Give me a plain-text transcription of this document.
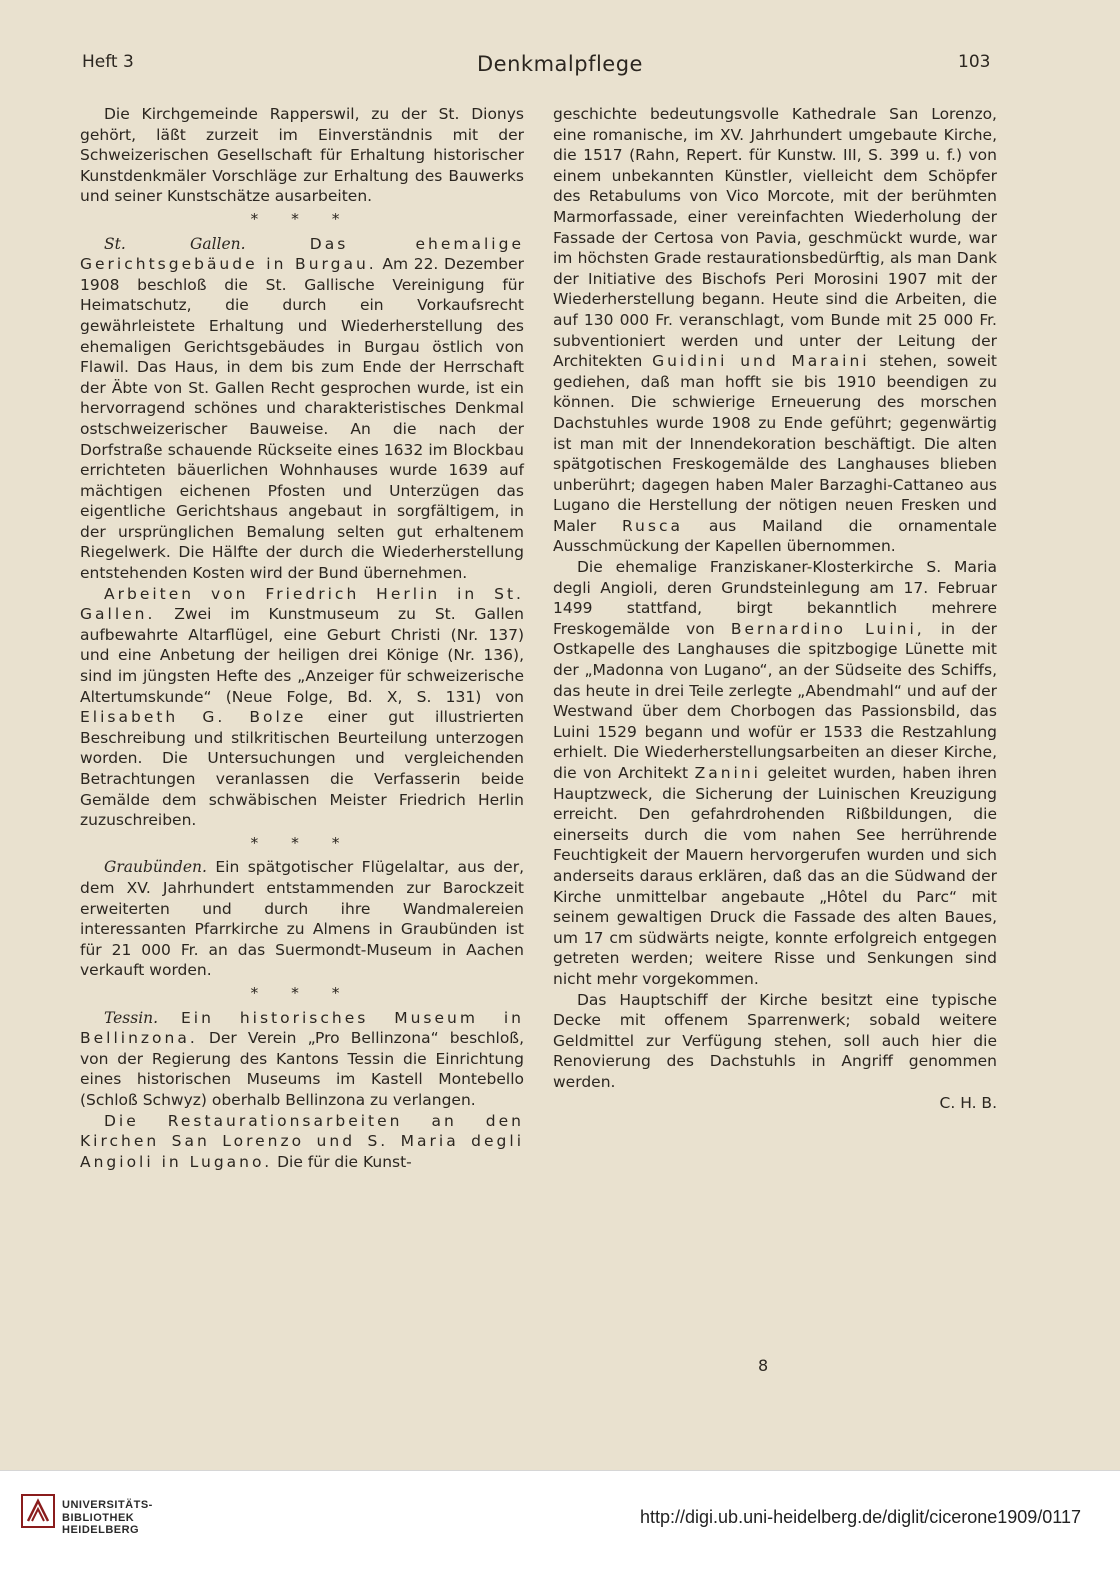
Heft 3	Denkmalpflege	103

Die Kirchgemeinde Rapperswil, zu der St. Dionys gehört, läßt zurzeit im Einverständnis mit der Schweizerischen Gesellschaft für Erhaltung historischer Kunstdenkmäler Vorschläge zur Erhaltung des Bauwerks und seiner Kunstschätze ausarbeiten.

* * *

St. Gallen.	Das ehemalige Gerichtsgebäude in Burgau. Am 22. Dezember 1908 beschloß die St. Gallische Vereinigung für Heimatschutz, die durch ein Vorkaufsrecht gewährleistete Erhaltung und Wiederherstellung des ehemaligen Gerichtsgebäudes in Burgau östlich von Flawil. Das Haus, in dem bis zum Ende der Herrschaft der Äbte von St. Gallen Recht gesprochen wurde, ist ein hervorragend schönes und charakteristisches Denkmal ostschweizerischer Bauweise. An die nach der Dorfstraße schauende Rückseite eines 1632 im Blockbau errichteten bäuerlichen Wohnhauses wurde 1639 auf mächtigen eichenen Pfosten und Unterzügen das eigentliche Gerichtshaus angebaut in sorgfältigem, in der ursprünglichen Bemalung selten gut erhaltenem Riegelwerk. Die Hälfte der durch die Wiederherstellung entstehenden Kosten wird der Bund übernehmen.

Arbeiten von Friedrich Herlin in St. Gallen. Zwei im Kunstmuseum zu St. Gallen aufbewahrte Altarflügel, eine Geburt Christi (Nr. 137) und eine Anbetung der heiligen drei Könige (Nr. 136), sind im jüngsten Hefte des „Anzeiger für schweizerische Altertumskunde“ (Neue Folge, Bd. X, S. 131) von Elisabeth G. Bolze einer gut illustrierten Beschreibung und stilkritischen Beurteilung unterzogen worden. Die Untersuchungen und vergleichenden Betrachtungen veranlassen die Verfasserin beide Gemälde dem schwäbischen Meister Friedrich Herlin zuzuschreiben.

* * *

Graubünden. Ein spätgotischer Flügelaltar, aus der, dem XV. Jahrhundert entstammenden zur Barockzeit erweiterten und durch ihre Wandmalereien interessanten Pfarrkirche zu Almens in Graubünden ist für 21 000 Fr. an das Suermondt-Museum in Aachen verkauft worden.

* * *

Tessin. Ein historisches Museum in Bellinzona. Der Verein „Pro Bellinzona“ beschloß, von der Regierung des Kantons Tessin die Einrichtung eines historischen Museums im Kastell Montebello (Schloß Schwyz) oberhalb Bellinzona zu verlangen.

Die Restaurationsarbeiten an den Kirchen San Lorenzo und S. Maria degli Angioli in Lugano. Die für die Kunst-

geschichte bedeutungsvolle Kathedrale San Lorenzo, eine romanische, im XV. Jahrhundert umgebaute Kirche, die 1517 (Rahn, Repert. für Kunstw. III, S. 399 u. f.) von einem unbekannten Künstler, vielleicht dem Schöpfer des Retabulums von Vico Morcote, mit der berühmten Marmorfassade, einer vereinfachten Wiederholung der Fassade der Certosa von Pavia, geschmückt wurde, war im höchsten Grade restaurationsbedürftig, als man Dank der Initiative des Bischofs Peri Morosini 1907 mit der Wiederherstellung begann. Heute sind die Arbeiten, die auf 130 000 Fr. veranschlagt, vom Bunde mit 25 000 Fr. subventioniert werden und unter der Leitung der Architekten Guidini und Maraini stehen, soweit gediehen, daß man hofft sie bis 1910 beendigen zu können. Die schwierige Erneuerung des morschen Dachstuhles wurde 1908 zu Ende geführt; gegenwärtig ist man mit der Innendekoration beschäftigt. Die alten spätgotischen Freskogemälde des Langhauses blieben unberührt; dagegen haben Maler Barzaghi-Cattaneo aus Lugano die Herstellung der nötigen neuen Fresken und Maler Rusca aus Mailand die ornamentale Ausschmückung der Kapellen übernommen.

Die ehemalige Franziskaner-Klosterkirche S. Maria degli Angioli, deren Grundsteinlegung am 17. Februar 1499 stattfand, birgt bekanntlich mehrere Freskogemälde von Bernardino Luini, in der Ostkapelle des Langhauses die spitzbogige Lünette mit der „Madonna von Lugano“, an der Südseite des Schiffs, das heute in drei Teile zerlegte „Abendmahl“ und auf der Westwand über dem Chorbogen das Passionsbild, das Luini 1529 begann und wofür er 1533 die Restzahlung erhielt. Die Wiederherstellungsarbeiten an dieser Kirche, die von Architekt Zanini geleitet wurden, haben ihren Hauptzweck, die Sicherung der Luinischen Kreuzigung erreicht. Den gefahrdrohenden Rißbildungen, die einerseits durch die vom nahen See herrührende Feuchtigkeit der Mauern hervorgerufen wurden und sich anderseits daraus erklären, daß das an die Südwand der Kirche unmittelbar angebaute „Hôtel du Parc“ mit seinem gewaltigen Druck die Fassade des alten Baues, um 17 cm südwärts neigte, konnte erfolgreich entgegen getreten werden; weitere Risse und Senkungen sind nicht mehr vorgekommen.

Das Hauptschiff der Kirche besitzt eine typische Decke mit offenem Sparrenwerk; sobald weitere Geldmittel zur Verfügung stehen, soll auch hier die Renovierung des Dachstuhls in Angriff genommen werden.

C. H. B.
8
UNIVERSITÄTS-
BIBLIOTHEK
HEIDELBERG
http://digi.ub.uni-heidelberg.de/diglit/cicerone1909/0117
